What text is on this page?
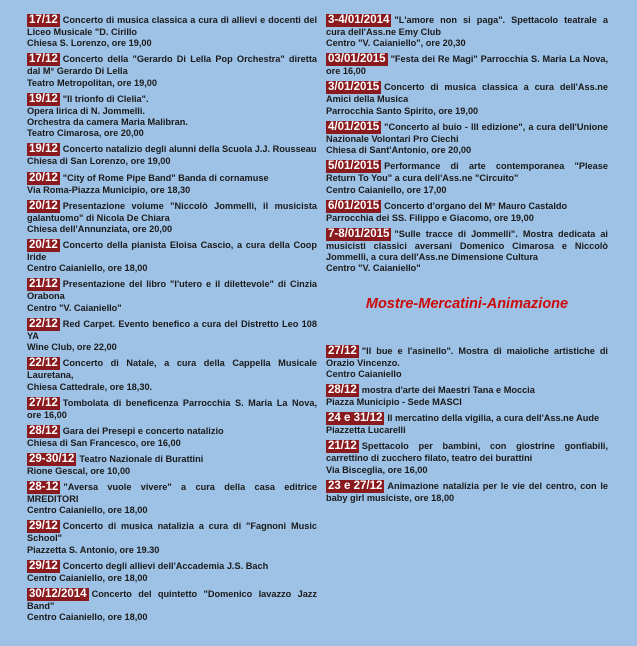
17/12 Concerto di musica classica a cura di allievi e docenti del Liceo Musicale "D. Cirillo
Chiesa S. Lorenzo, ore 19,00
17/12 Concerto della "Gerardo Di Lella Pop Orchestra" diretta dal M° Gerardo Di Lella
Teatro Metropolitan, ore 19,00
19/12 "Il trionfo di Clelia".
Opera lirica di N. Jommelli.
Orchestra da camera Maria Malibran.
Teatro Cimarosa, ore 20,00
19/12 Concerto natalizio degli alunni della Scuola J.J. Rousseau
Chiesa di San Lorenzo, ore 19,00
20/12 "City of Rome Pipe Band" Banda di cornamuse
Via Roma-Piazza Municipio, ore 18,30
20/12 Presentazione volume "Niccolò Jommelli, il musicista galantuomo" di Nicola De Chiara
Chiesa dell'Annunziata, ore 20,00
20/12 Concerto della pianista Eloisa Cascio, a cura della Coop Iride
Centro Caianiello, ore 18,00
21/12 Presentazione del libro "l'utero e il dilettevole" di Cinzia Orabona
Centro "V. Caianiello"
22/12 Red Carpet. Evento benefico a cura del Distretto Leo 108 YA
Wine Club, ore 22,00
22/12 Concerto di Natale, a cura della Cappella Musicale Lauretana,
Chiesa Cattedrale, ore 18,30.
27/12 Tombolata di beneficenza Parrocchia S. Maria La Nova, ore 16,00
28/12 Gara dei Presepi e concerto natalizio
Chiesa di San Francesco, ore 16,00
29-30/12 Teatro Nazionale di Burattini
Rione Gescal, ore 10,00
28-12 "Aversa vuole vivere" a cura della casa editrice MREDITORI
Centro Caianiello, ore 18,00
29/12 Concerto di musica natalizia a cura di "Fagnoni Music School"
Piazzetta S. Antonio, ore 19.30
29/12 Concerto degli allievi dell'Accademia J.S. Bach
Centro Caianiello, ore 18,00
30/12/2014 Concerto del quintetto "Domenico Iavazzo Jazz Band"
Centro Caianiello, ore 18,00
3-4/01/2014 "L'amore non si paga". Spettacolo teatrale a cura dell'Ass.ne Emy Club
Centro "V. Caianiello", ore 20,30
03/01/2015 "Festa dei Re Magi" Parrocchia S. Maria La Nova, ore 16,00
3/01/2015 Concerto di musica classica a cura dell'Ass.ne Amici della Musica
Parrocchia Santo Spirito, ore 19,00
4/01/2015 "Concerto al buio - III edizione", a cura dell'Unione Nazionale Volontari Pro Ciechi
Chiesa di Sant'Antonio, ore 20,00
5/01/2015 Performance di arte contemporanea "Please Return To You" a cura dell'Ass.ne "Circuito"
Centro Caianiello, ore 17,00
6/01/2015 Concerto d'organo del M° Mauro Castaldo
Parrocchia dei SS. Filippo e Giacomo, ore 19,00
7-8/01/2015 "Sulle tracce di Jommelli". Mostra dedicata ai musicisti classici aversani Domenico Cimarosa e Niccolò Jommelli, a cura dell'Ass.ne Dimensione Cultura
Centro "V. Caianiello"
Mostre-Mercatini-Animazione
27/12 "Il bue e l'asinello". Mostra di maioliche artistiche di Orazio Vincenzo.
Centro Caianiello
28/12 mostra d'arte dei Maestri Tana e Moccia
Piazza Municipio - Sede MASCI
24 e 31/12 Il mercatino della vigilia, a cura dell'Ass.ne Aude
Piazzetta Lucarelli
21/12 Spettacolo per bambini, con giostrine gonfiabili, carrettino di zucchero filato, teatro dei burattini
Via Bisceglia, ore 16,00
23 e 27/12 Animazione natalizia per le vie del centro, con le baby girl musiciste, ore 18,00
